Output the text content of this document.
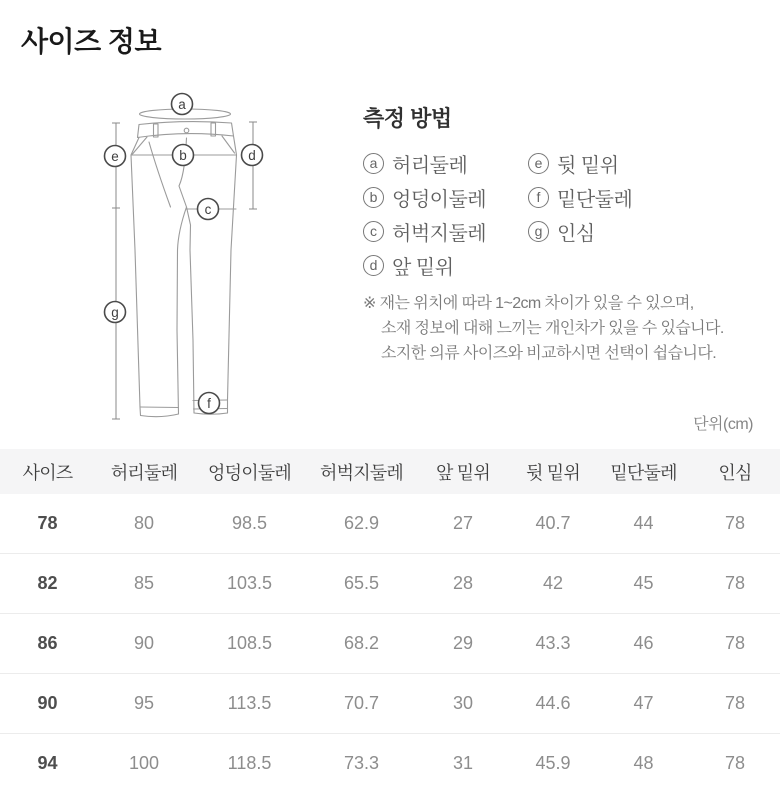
사이즈 정보
a
e	b	d
c
g
f
측정 방법
a 허리둘레
b 엉덩이둘레
c 허벅지둘레
d 앞 밑위
e 뒷 밑위
f 밑단둘레
g 인심
※ 재는 위치에 따라 1~2cm 차이가 있을 수 있으며,
소재 정보에 대해 느끼는 개인차가 있을 수 있습니다.
소지한 의류 사이즈와 비교하시면 선택이 쉽습니다.
단위(cm)
사이즈	허리둘레	엉덩이둘레	허벅지둘레	앞 밑위	뒷 밑위	밑단둘레	인심
78	80	98.5	62.9	27	40.7	44	78
82	85	103.5	65.5	28	42	45	78
86	90	108.5	68.2	29	43.3	46	78
90	95	113.5	70.7	30	44.6	47	78
94	100	118.5	73.3	31	45.9	48	78
